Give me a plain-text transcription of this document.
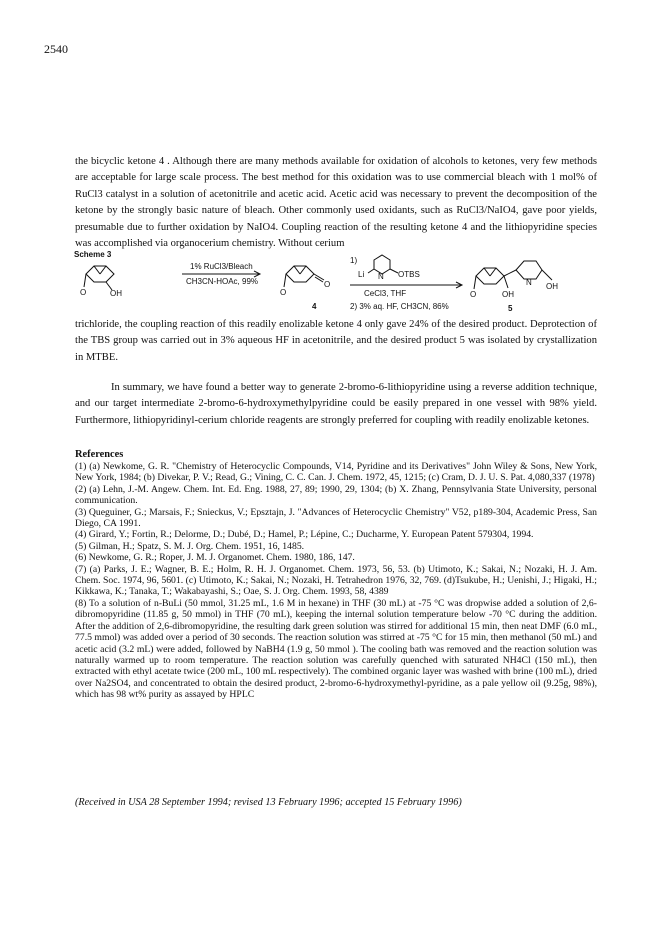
2540

the bicyclic ketone 4 . Although there are many methods available for oxidation of alcohols to ketones, very few methods are acceptable for large scale process. The best method for this oxidation was to use commercial bleach with 1 mol% of RuCl3 catalyst in a solution of acetonitrile and acetic acid. Acetic acid was necessary to prevent the decomposition of the ketone by the strongly basic nature of bleach. Other commonly used oxidants, such as RuCl3/NaIO4, gave poor yields, presumable due to further oxidation by NaIO4. Coupling reaction of the resulting ketone 4 and the lithiopyridine species was accomplished via organocerium chemistry. Without cerium

Scheme 3
O	OH
1% RuCl3/Bleach
CH3CN-HOAc, 99%
O
O
4
1)
Li N OTBS
CeCl3, THF
2) 3% aq. HF, CH3CN, 86%
O	OH
N OH
5

trichloride, the coupling reaction of this readily enolizable ketone 4 only gave 24% of the desired product. Deprotection of the TBS group was carried out in 3% aqueous HF in acetonitrile, and the desired product 5 was isolated by crystallization in MTBE.

In summary, we have found a better way to generate 2-bromo-6-lithiopyridine using a reverse addition technique, and our target intermediate 2-bromo-6-hydroxymethylpyridine could be easily prepared in one vessel with 98% yield. Furthermore, lithiopyridinyl-cerium chloride reagents are strongly preferred for coupling with readily enolizable ketones.

References

(1) (a) Newkome, G. R. "Chemistry of Heterocyclic Compounds, V14, Pyridine and its Derivatives" John Wiley & Sons, New York, New York, 1984; (b) Divekar, P. V.; Read, G.; Vining, C. C. Can. J. Chem. 1972, 45, 1215; (c) Cram, D. J. U. S. Pat. 4,080,337 (1978)

(2) (a) Lehn, J.-M. Angew. Chem. Int. Ed. Eng. 1988, 27, 89; 1990, 29, 1304; (b) X. Zhang, Pennsylvania State University, personal communication.

(3) Queguiner, G.; Marsais, F.; Snieckus, V.; Epsztajn, J. "Advances of Heterocyclic Chemistry" V52, p189-304, Academic Press, San Diego, CA 1991.

(4) Girard, Y.; Fortin, R.; Delorme, D.; Dubé, D.; Hamel, P.; Lépine, C.; Ducharme, Y. European Patent 579304, 1994.

(5) Gilman, H.; Spatz, S. M. J. Org. Chem. 1951, 16, 1485.

(6) Newkome, G. R.; Roper, J. M. J. Organomet. Chem. 1980, 186, 147.

(7) (a) Parks, J. E.; Wagner, B. E.; Holm, R. H. J. Organomet. Chem. 1973, 56, 53. (b) Utimoto, K.; Sakai, N.; Nozaki, H. J. Am. Chem. Soc. 1974, 96, 5601. (c) Utimoto, K.; Sakai, N.; Nozaki, H. Tetrahedron 1976, 32, 769. (d)Tsukube, H.; Uenishi, J.; Higaki, H.; Kikkawa, K.; Tanaka, T.; Wakabayashi, S.; Oae, S. J. Org. Chem. 1993, 58, 4389

(8) To a solution of n-BuLi (50 mmol, 31.25 mL, 1.6 M in hexane) in THF (30 mL) at -75 °C was dropwise added a solution of 2,6-dibromopyridine (11.85 g, 50 mmol) in THF (70 mL), keeping the internal solution temperature below -70 °C during the addition. After the addition of 2,6-dibromopyridine, the resulting dark green solution was stirred for additional 15 min, then neat DMF (6.0 mL, 77.5 mmol) was added over a period of 30 seconds. The reaction solution was stirred at -75 °C for 15 min, then methanol (50 mL) and acetic acid (3.2 mL) were added, followed by NaBH4 (1.9 g, 50 mmol ). The cooling bath was removed and the reaction solution was naturally warmed up to room temperature. The reaction solution was carefully quenched with saturated NH4Cl (150 mL), then extracted with ethyl acetate twice (200 mL, 100 mL respectively). The combined organic layer was washed with brine (100 mL), dried over Na2SO4, and concentrated to obtain the desired product, 2-bromo-6-hydroxymethyl-pyridine, as a pale yellow oil (9.25g, 98%), which has 98 wt% purity as assayed by HPLC

(Received in USA 28 September 1994; revised 13 February 1996; accepted 15 February 1996)
